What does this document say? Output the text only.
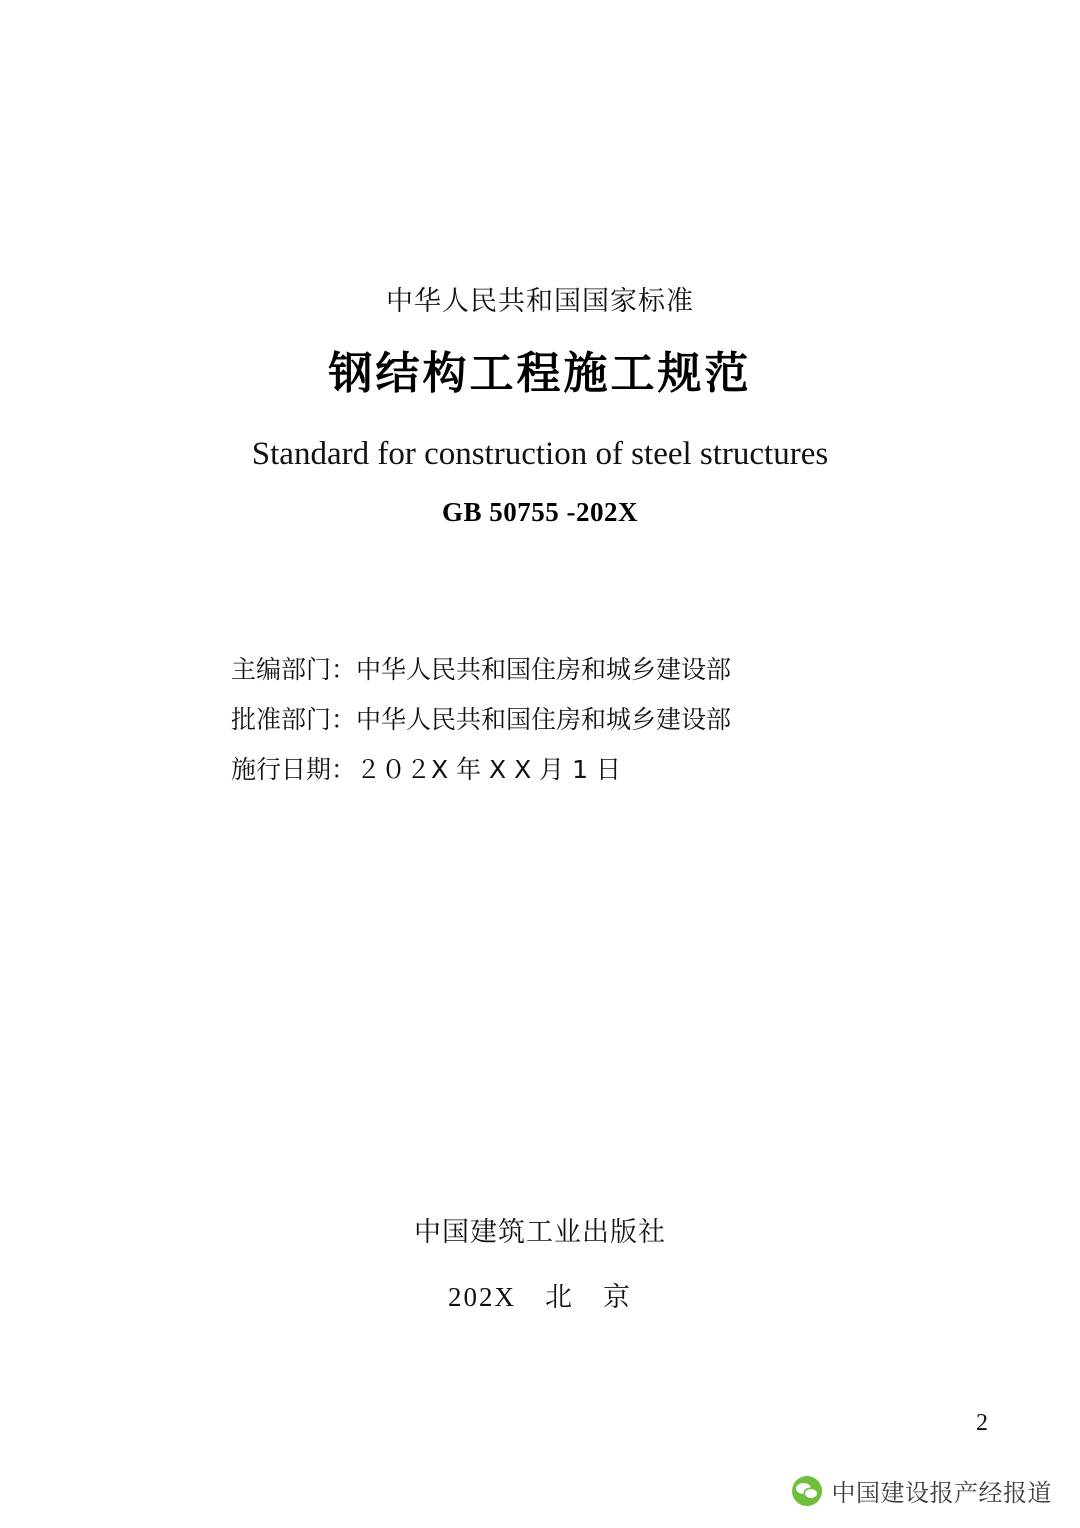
中华人民共和国国家标准
钢结构工程施工规范
Standard for construction of steel structures
GB 50755 -202X
主编部门：中华人民共和国住房和城乡建设部
批准部门：中华人民共和国住房和城乡建设部
施行日期：２０２X 年 X X 月 1 日
中国建筑工业出版社
202X　北　京
2
中国建设报产经报道
